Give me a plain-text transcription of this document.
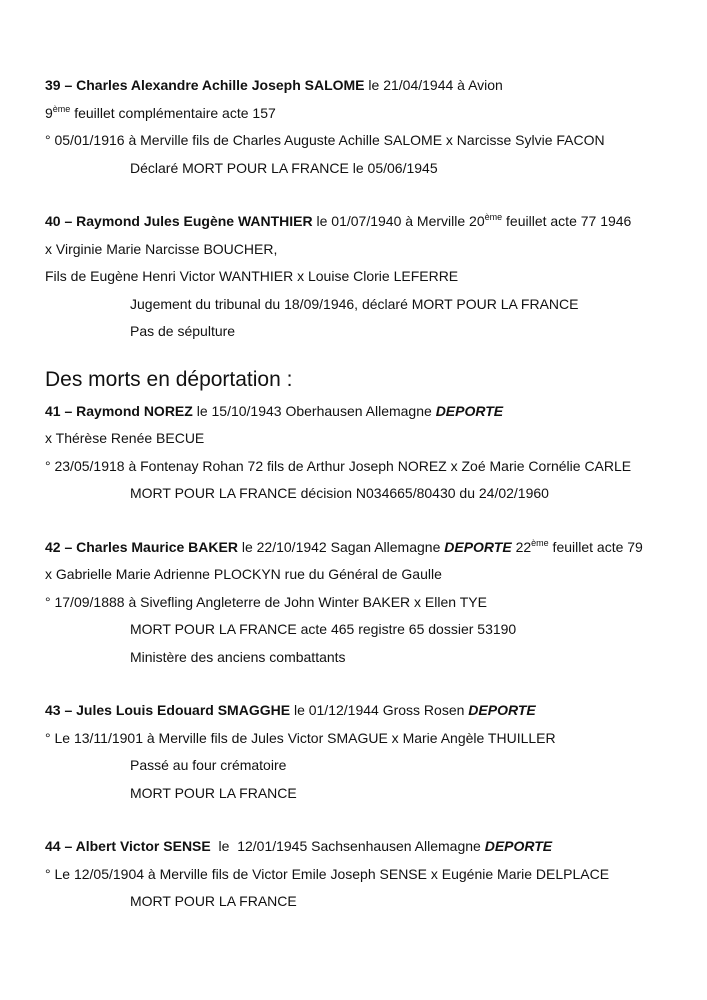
39 – Charles Alexandre Achille Joseph SALOME le 21/04/1944 à Avion
9ème feuillet complémentaire acte 157
° 05/01/1916 à Merville fils de Charles Auguste Achille SALOME x Narcisse Sylvie FACON
Déclaré MORT POUR LA FRANCE le 05/06/1945
40 – Raymond Jules Eugène WANTHIER le 01/07/1940 à Merville 20ème feuillet acte 77 1946
x Virginie Marie Narcisse BOUCHER,
Fils de Eugène Henri Victor WANTHIER x Louise Clorie LEFERRE
Jugement du tribunal du 18/09/1946, déclaré MORT POUR LA FRANCE
Pas de sépulture
Des morts en déportation :
41 – Raymond NOREZ le 15/10/1943 Oberhausen Allemagne DEPORTE
x Thérèse Renée BECUE
° 23/05/1918 à Fontenay Rohan 72 fils de Arthur Joseph NOREZ x Zoé Marie Cornélie CARLE
MORT POUR LA FRANCE décision N034665/80430 du 24/02/1960
42 – Charles Maurice BAKER le 22/10/1942 Sagan Allemagne DEPORTE 22ème feuillet acte 79
x Gabrielle Marie Adrienne PLOCKYN rue du Général de Gaulle
° 17/09/1888 à Sivefling Angleterre de John Winter BAKER x Ellen TYE
MORT POUR LA FRANCE acte 465 registre 65 dossier 53190
Ministère des anciens combattants
43 – Jules Louis Edouard SMAGGHE le 01/12/1944 Gross Rosen DEPORTE
° Le 13/11/1901 à Merville fils de Jules Victor SMAGUE x Marie Angèle THUILLER
Passé au four crématoire
MORT POUR LA FRANCE
44 – Albert Victor SENSE  le  12/01/1945 Sachsenhausen Allemagne DEPORTE
° Le 12/05/1904 à Merville fils de Victor Emile Joseph SENSE x Eugénie Marie DELPLACE
MORT POUR LA FRANCE
